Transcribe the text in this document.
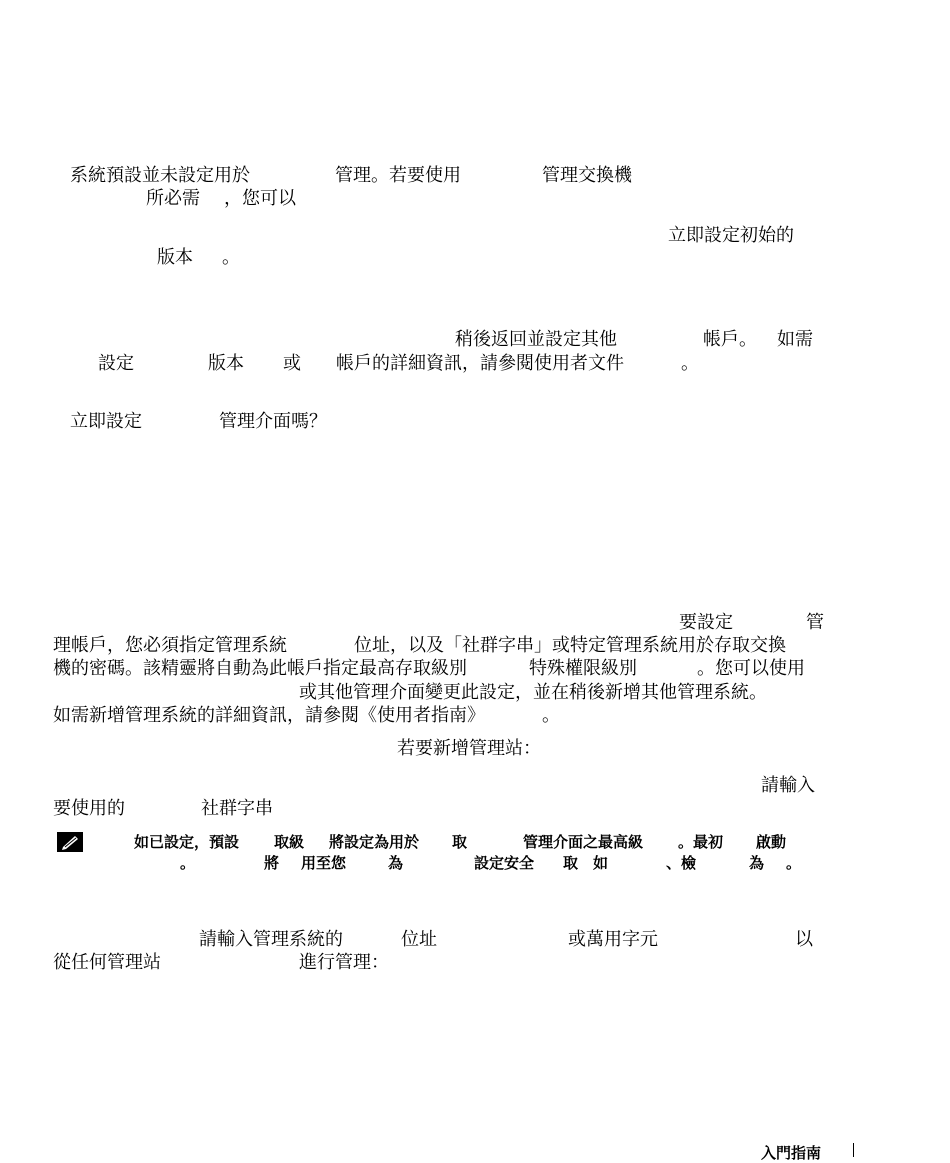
系統預設並未設定用於	管理。若要使用	管理交換機
所必需 ，您可以
立即設定初始的
版本 。
稍後返回並設定其他	帳戶。 如需
設定	版本 或 帳戶的詳細資訊，請參閱使用者文件	。
立即設定	管理介面嗎？
要設定	管
理帳戶，您必須指定管理系統	位址，以及「社群字串」或特定管理系統用於存取交換
機的密碼。該精靈將自動為此帳戶指定最高存取級別	特殊權限級別	。您可以使用
或其他管理介面變更此設定，並在稍後新增其他管理系統。
如需新增管理系統的詳細資訊，請參閱《使用者指南》	。
若要新增管理站：
請輸入
要使用的	社群字串
如已設定，預設 取級 將設定為用於 取	管理介面之最高級 。最初 啟動
。	將 用至您	為	設定安全 取 如	、檢	為 。
請輸入管理系統的	位址	或萬用字元	以
從任何管理站	進行管理：
入門指南
